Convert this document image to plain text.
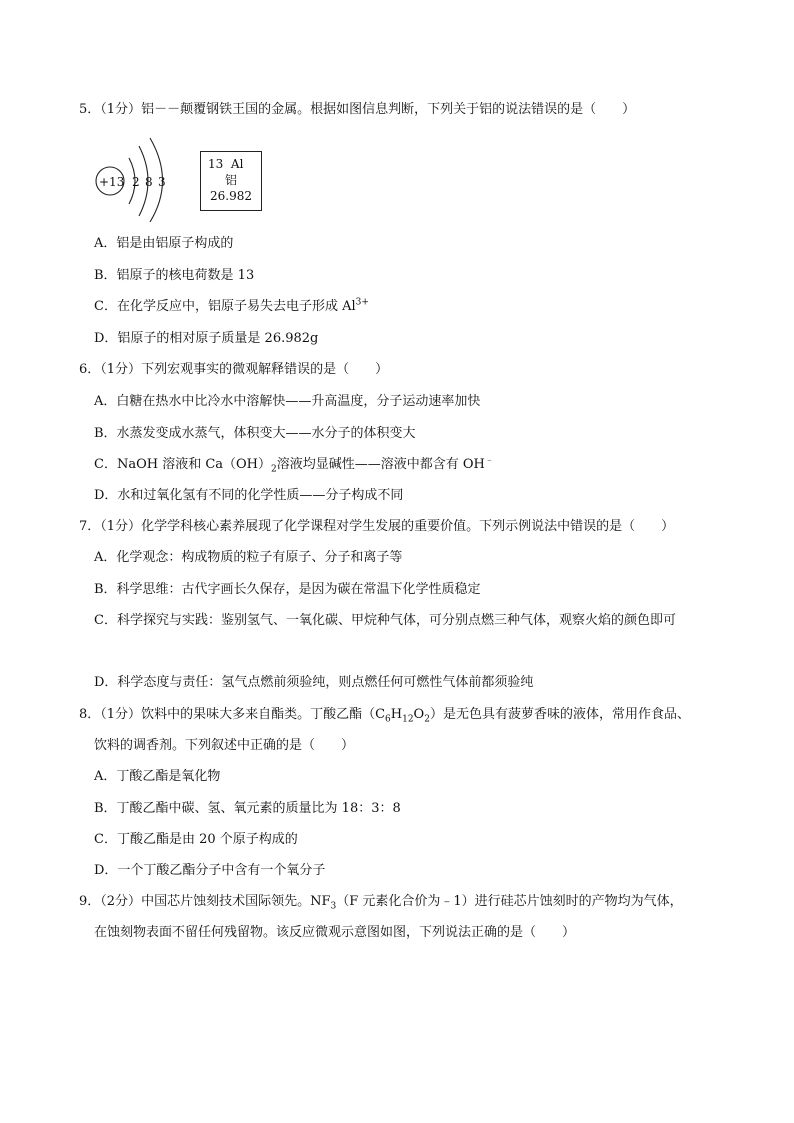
5．（1分）铝－－颠覆钢铁王国的金属。根据如图信息判断，下列关于铝的说法错误的是（　　）
+13 2 8 3
13 Al
铝
26.982
A．铝是由铝原子构成的
B．铝原子的核电荷数是 13
C．在化学反应中，铝原子易失去电子形成 $Al^{3+}$
D．铝原子的相对原子质量是 26.982g
6．（1分）下列宏观事实的微观解释错误的是（　　）
A．白糖在热水中比冷水中溶解快——升高温度，分子运动速率加快
B．水蒸发变成水蒸气，体积变大——水分子的体积变大
C．NaOH 溶液和 $Ca(OH)_2$溶液均显碱性——溶液中都含有 OH﹣
D．水和过氧化氢有不同的化学性质——分子构成不同
7．（1分）化学学科核心素养展现了化学课程对学生发展的重要价值。下列示例说法中错误的是（　　）
A．化学观念：构成物质的粒子有原子、分子和离子等
B．科学思维：古代字画长久保存，是因为碳在常温下化学性质稳定
C．科学探究与实践：鉴别氢气、一氧化碳、甲烷种气体，可分别点燃三种气体，观察火焰的颜色即可
D．科学态度与责任：氢气点燃前须验纯，则点燃任何可燃性气体前都须验纯
8．（1分）饮料中的果味大多来自酯类。丁酸乙酯$(C_6H_{12}O_2)$是无色具有菠萝香味的液体，常用作食品、
饮料的调香剂。下列叙述中正确的是（　　）
A．丁酸乙酯是氧化物
B．丁酸乙酯中碳、氢、氧元素的质量比为 18：3：8
C．丁酸乙酯是由 20 个原子构成的
D．一个丁酸乙酯分子中含有一个氧分子
9．（2分）中国芯片蚀刻技术国际领先。$NF_3(F$ 元素化合价为﹣1）进行硅芯片蚀刻时的产物均为气体，
在蚀刻物表面不留任何残留物。该反应微观示意图如图，下列说法正确的是（　　）
